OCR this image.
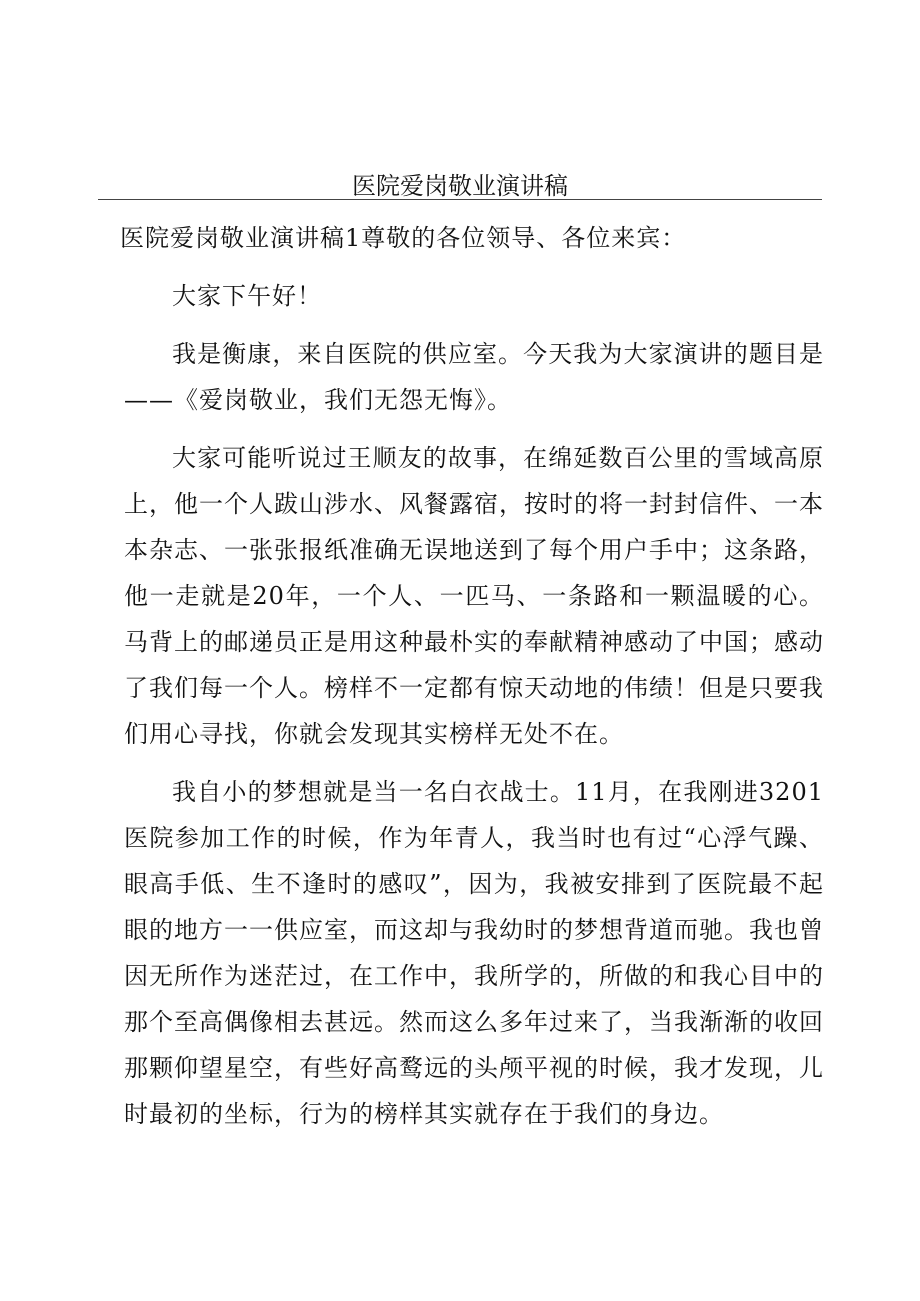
医院爱岗敬业演讲稿

医院爱岗敬业演讲稿1尊敬的各位领导、各位来宾：

大家下午好！

我是衡康，来自医院的供应室。今天我为大家演讲的题目是——《爱岗敬业，我们无怨无悔》。

大家可能听说过王顺友的故事，在绵延数百公里的雪域高原上，他一个人跋山涉水、风餐露宿，按时的将一封封信件、一本本杂志、一张张报纸准确无误地送到了每个用户手中；这条路，他一走就是20年，一个人、一匹马、一条路和一颗温暖的心。马背上的邮递员正是用这种最朴实的奉献精神感动了中国；感动了我们每一个人。榜样不一定都有惊天动地的伟绩！但是只要我们用心寻找，你就会发现其实榜样无处不在。

我自小的梦想就是当一名白衣战士。11月，在我刚进3201医院参加工作的时候，作为年青人，我当时也有过“心浮气躁、眼高手低、生不逢时的感叹”，因为，我被安排到了医院最不起眼的地方一一供应室，而这却与我幼时的梦想背道而驰。我也曾因无所作为迷茫过，在工作中，我所学的，所做的和我心目中的那个至高偶像相去甚远。然而这么多年过来了，当我渐渐的收回那颗仰望星空，有些好高鹜远的头颅平视的时候，我才发现，儿时最初的坐标，行为的榜样其实就存在于我们的身边。
